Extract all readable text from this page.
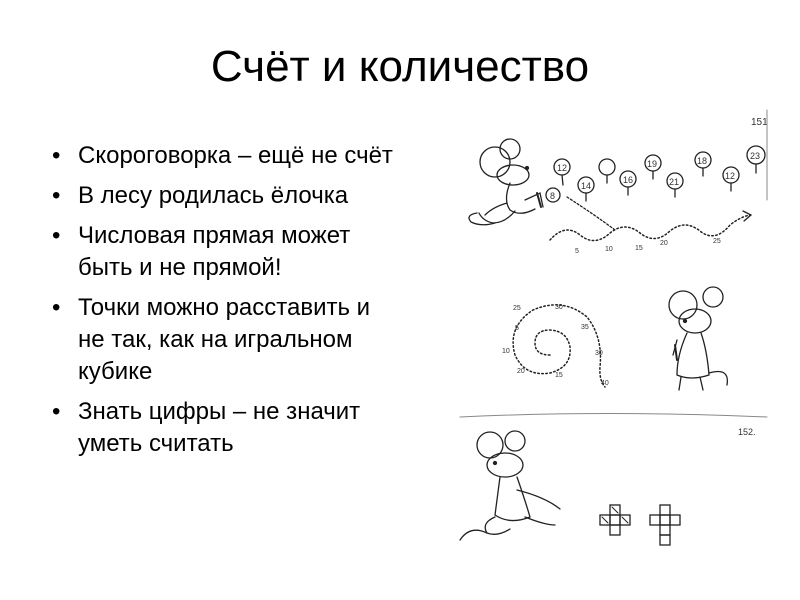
Счёт и количество
• Скороговорка – ещё не счёт
• В лесу родилась ёлочка
• Числовая прямая может быть и не прямой!
• Точки можно расставить и не так, как на игральном кубике
• Знать цифры – не значит уметь считать
151
8
12
14
16
19
21
18
12
23
5	10	15
20	25
5
10
15
20
25	30
35
30
40
152.
